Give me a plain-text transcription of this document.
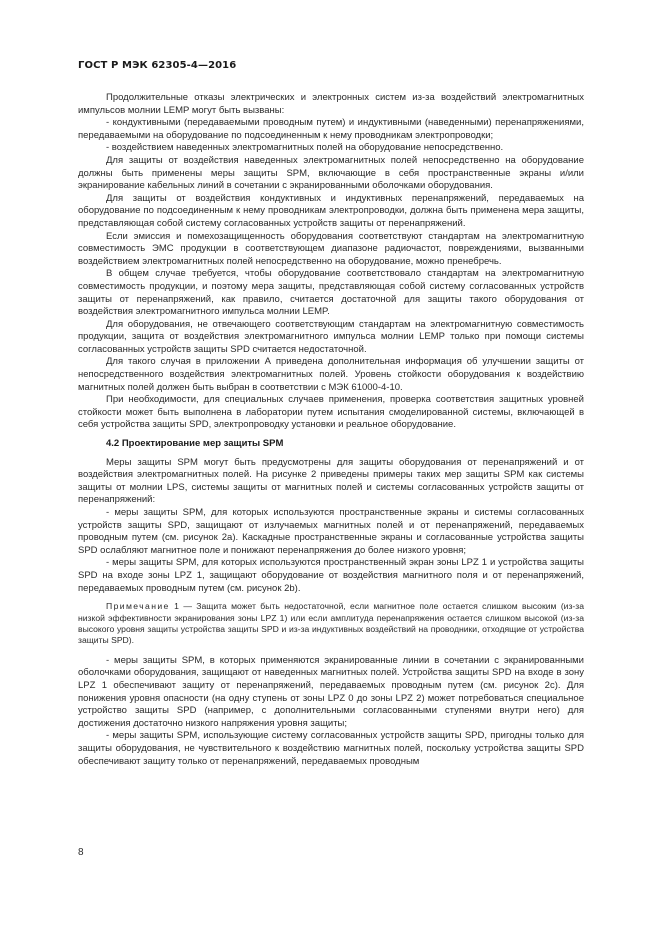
ГОСТ Р МЭК 62305-4—2016

Продолжительные отказы электрических и электронных систем из-за воздействий электромагнитных импульсов молнии LEMP могут быть вызваны:

- кондуктивными (передаваемыми проводным путем) и индуктивными (наведенными) перенапряжениями, передаваемыми на оборудование по подсоединенным к нему проводникам электропроводки;

- воздействием наведенных электромагнитных полей на оборудование непосредственно.

Для защиты от воздействия наведенных электромагнитных полей непосредственно на оборудование должны быть применены меры защиты SPM, включающие в себя пространственные экраны и/или экранирование кабельных линий в сочетании с экранированными оболочками оборудования.

Для защиты от воздействия кондуктивных и индуктивных перенапряжений, передаваемых на оборудование по подсоединенным к нему проводникам электропроводки, должна быть применена мера защиты, представляющая собой систему согласованных устройств защиты от перенапряжений.

Если эмиссия и помехозащищенность оборудования соответствуют стандартам на электромагнитную совместимость ЭМС продукции в соответствующем диапазоне радиочастот, повреждениями, вызванными воздействием электромагнитных полей непосредственно на оборудование, можно пренебречь.

В общем случае требуется, чтобы оборудование соответствовало стандартам на электромагнитную совместимость продукции, и поэтому мера защиты, представляющая собой систему согласованных устройств защиты от перенапряжений, как правило, считается достаточной для защиты такого оборудования от воздействия электромагнитного импульса молнии LEMP.

Для оборудования, не отвечающего соответствующим стандартам на электромагнитную совместимость продукции, защита от воздействия электромагнитного импульса молнии LEMP только при помощи системы согласованных устройств защиты SPD считается недостаточной.

Для такого случая в приложении А приведена дополнительная информация об улучшении защиты от непосредственного воздействия электромагнитных полей. Уровень стойкости оборудования к воздействию магнитных полей должен быть выбран в соответствии с МЭК 61000-4-10.

При необходимости, для специальных случаев применения, проверка соответствия защитных уровней стойкости может быть выполнена в лаборатории путем испытания смоделированной системы, включающей в себя устройства защиты SPD, электропроводку установки и реальное оборудование.

4.2 Проектирование мер защиты SPM

Меры защиты SPM могут быть предусмотрены для защиты оборудования от перенапряжений и от воздействия электромагнитных полей. На рисунке 2 приведены примеры таких мер защиты SPM как системы защиты от молнии LPS, системы защиты от магнитных полей и системы согласованных устройств защиты от перенапряжений:

- меры защиты SPM, для которых используются пространственные экраны и системы согласованных устройств защиты SPD, защищают от излучаемых магнитных полей и от перенапряжений, передаваемых проводным путем (см. рисунок 2a). Каскадные пространственные экраны и согласованные устройства защиты SPD ослабляют магнитное поле и понижают перенапряжения до более низкого уровня;

- меры защиты SPM, для которых используются пространственный экран зоны LPZ 1 и устройства защиты SPD на входе зоны LPZ 1, защищают оборудование от воздействия магнитного поля и от перенапряжений, передаваемых проводным путем (см. рисунок 2b).

Примечание 1 — Защита может быть недостаточной, если магнитное поле остается слишком высоким (из-за низкой эффективности экранирования зоны LPZ 1) или если амплитуда перенапряжения остается слишком высокой (из-за высокого уровня защиты устройства защиты SPD и из-за индуктивных воздействий на проводники, отходящие от устройства защиты SPD).

- меры защиты SPM, в которых применяются экранированные линии в сочетании с экранированными оболочками оборудования, защищают от наведенных магнитных полей. Устройства защиты SPD на входе в зону LPZ 1 обеспечивают защиту от перенапряжений, передаваемых проводным путем (см. рисунок 2c). Для понижения уровня опасности (на одну ступень от зоны LPZ 0 до зоны LPZ 2) может потребоваться специальное устройство защиты SPD (например, с дополнительными согласованными ступенями внутри него) для достижения достаточно низкого напряжения уровня защиты;

- меры защиты SPM, использующие систему согласованных устройств защиты SPD, пригодны только для защиты оборудования, не чувствительного к воздействию магнитных полей, поскольку устройства защиты SPD обеспечивают защиту только от перенапряжений, передаваемых проводным

8
